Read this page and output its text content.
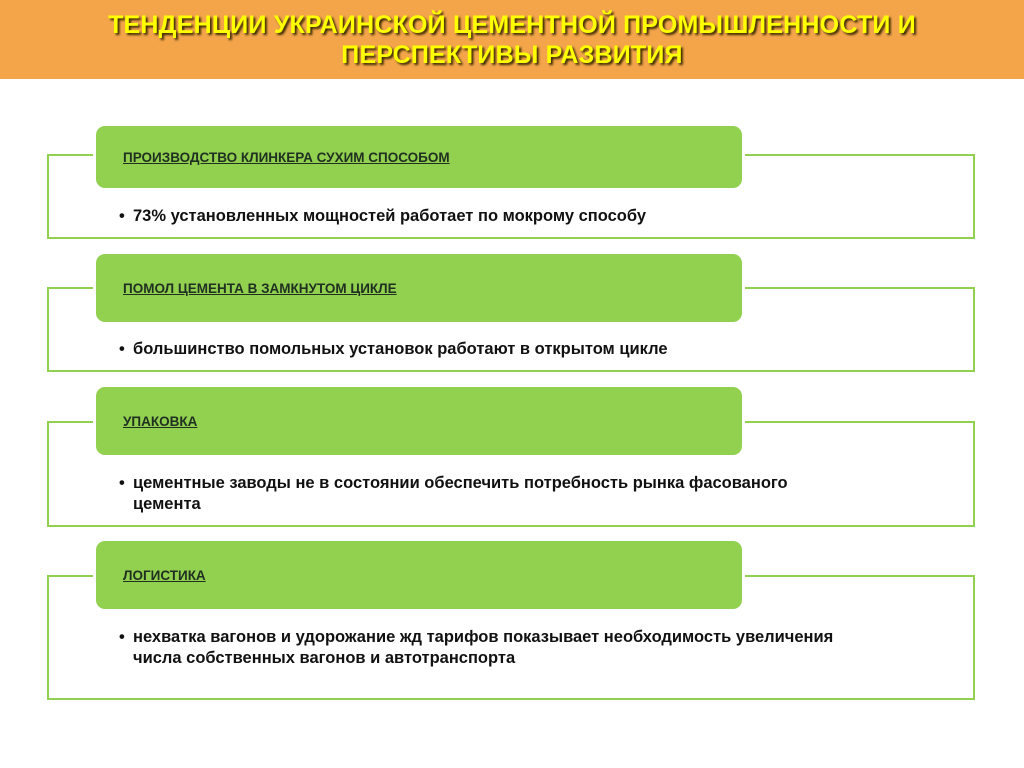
ТЕНДЕНЦИИ УКРАИНСКОЙ ЦЕМЕНТНОЙ ПРОМЫШЛЕННОСТИ И
ПЕРСПЕКТИВЫ РАЗВИТИЯ
ПРОИЗВОДСТВО КЛИНКЕРА СУХИМ СПОСОБОМ
• 73% установленных мощностей работает по мокрому способу
ПОМОЛ ЦЕМЕНТА В ЗАМКНУТОМ ЦИКЛЕ
• большинство помольных установок работают в открытом цикле
УПАКОВКА
• цементные заводы не в состоянии обеспечить потребность рынка фасованого цемента
ЛОГИСТИКА
• нехватка вагонов и удорожание жд тарифов показывает необходимость увеличения числа собственных вагонов и автотранспорта
